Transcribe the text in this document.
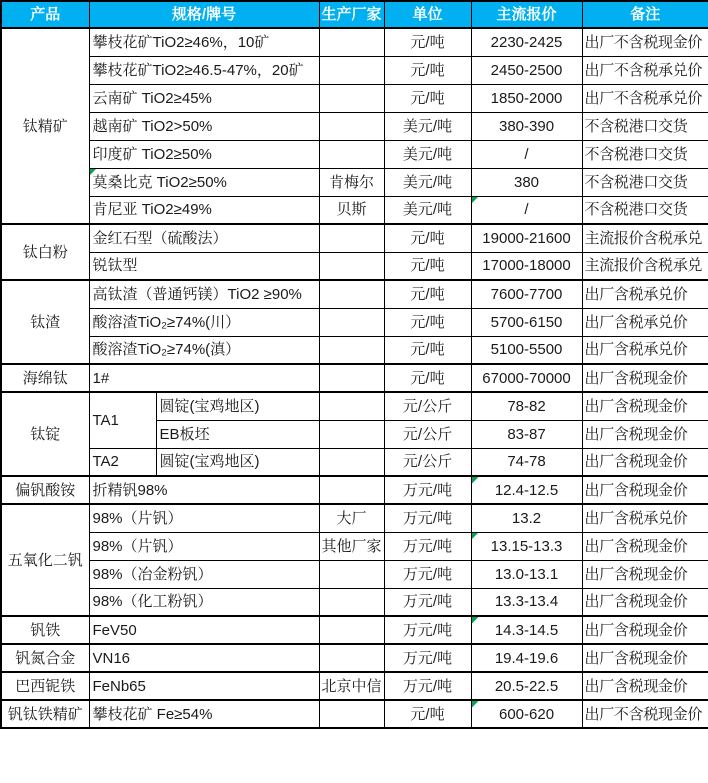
产品	规格/牌号		生产厂家	单位	主流报价	备注
钛精矿	攀枝花矿TiO2≥46%，10矿			元/吨	2230-2425	出厂不含税现金价
	攀枝花矿TiO2≥46.5-47%，20矿			元/吨	2450-2500	出厂不含税承兑价
	云南矿 TiO2≥45%			元/吨	1850-2000	出厂不含税承兑价
	越南矿 TiO2>50%			美元/吨	380-390	不含税港口交货
	印度矿 TiO2≥50%			美元/吨	/	不含税港口交货
	莫桑比克 TiO2≥50%		肯梅尔	美元/吨	380	不含税港口交货
	肯尼亚 TiO2≥49%		贝斯	美元/吨	/	不含税港口交货
钛白粉	金红石型（硫酸法）			元/吨	19000-21600	主流报价含税承兑
	锐钛型			元/吨	17000-18000	主流报价含税承兑
钛渣	高钛渣（普通钙镁）TiO2 ≥90%			元/吨	7600-7700	出厂含税承兑价
	酸溶渣TiO₂≥74%(川）			元/吨	5700-6150	出厂含税承兑价
	酸溶渣TiO₂≥74%(滇）			元/吨	5100-5500	出厂含税承兑价
海绵钛	1#			元/吨	67000-70000	出厂含税现金价
钛锭	TA1	圆锭(宝鸡地区)		元/公斤	78-82	出厂含税现金价
		EB板坯		元/公斤	83-87	出厂含税现金价
	TA2	圆锭(宝鸡地区)		元/公斤	74-78	出厂含税现金价
偏钒酸铵	折精钒98%			万元/吨	12.4-12.5	出厂含税现金价
五氧化二钒	98%（片钒）		大厂	万元/吨	13.2	出厂含税承兑价
	98%（片钒）		其他厂家	万元/吨	13.15-13.3	出厂含税现金价
	98%（冶金粉钒）			万元/吨	13.0-13.1	出厂含税现金价
	98%（化工粉钒）			万元/吨	13.3-13.4	出厂含税现金价
钒铁	FeV50			万元/吨	14.3-14.5	出厂含税现金价
钒氮合金	VN16			万元/吨	19.4-19.6	出厂含税现金价
巴西铌铁	FeNb65		北京中信	万元/吨	20.5-22.5	出厂含税现金价
钒钛铁精矿	攀枝花矿 Fe≥54%			元/吨	600-620	出厂不含税现金价
